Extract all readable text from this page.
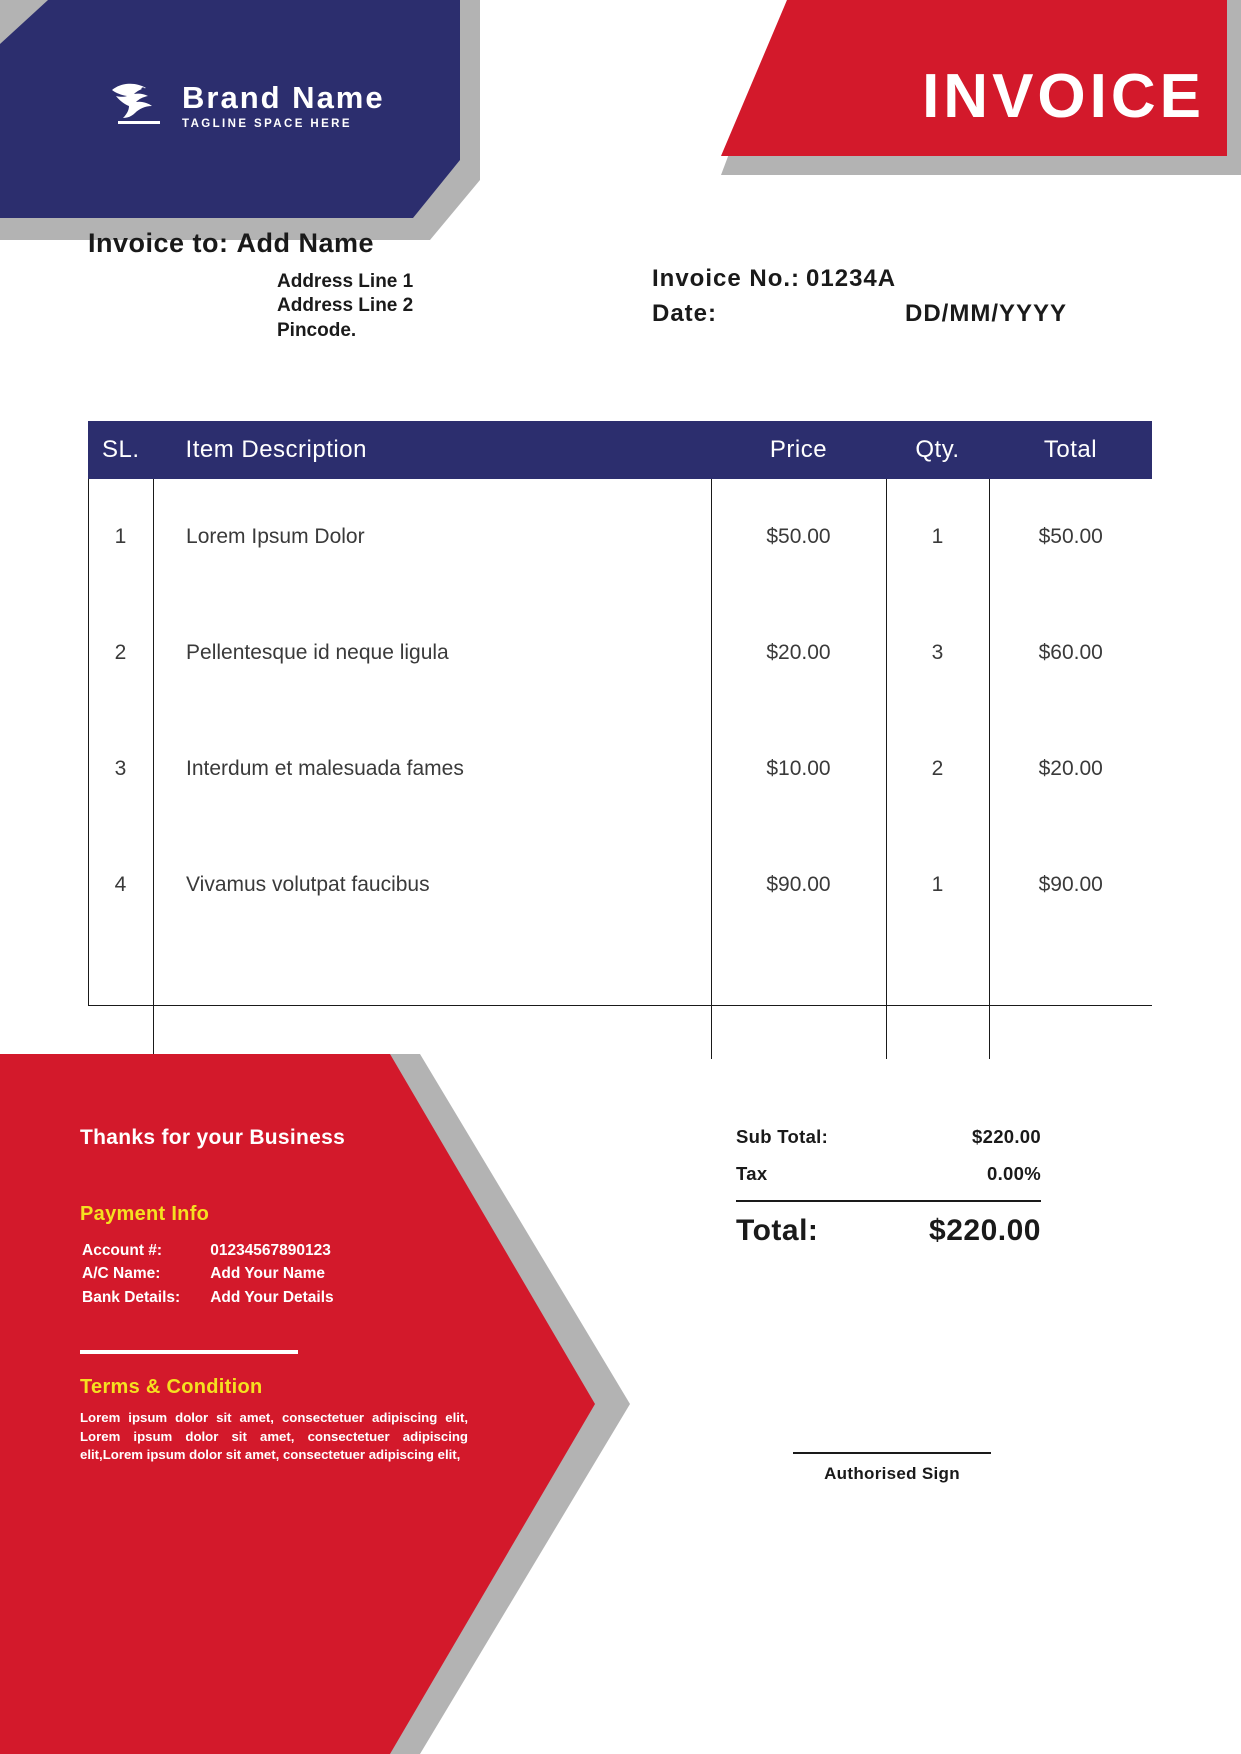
INVOICE
Brand Name
TAGLINE SPACE HERE
Invoice to: Add Name
Address Line 1
Address Line 2
Pincode.
Invoice No.: 01234A
Date:	DD/MM/YYYY
SL.	Item Description	Price	Qty.	Total
1	Lorem Ipsum Dolor	$50.00	1	$50.00
2	Pellentesque id neque ligula	$20.00	3	$60.00
3	Interdum et malesuada fames	$10.00	2	$20.00
4	Vivamus volutpat faucibus	$90.00	1	$90.00

Thanks for your Business
Payment Info
Account #:	01234567890123
A/C Name:	Add Your Name
Bank Details:	Add Your Details
Terms & Condition
Lorem ipsum dolor sit amet, consectetuer adipiscing elit, Lorem ipsum dolor sit amet, consectetuer adipiscing elit,Lorem ipsum dolor sit amet, consectetuer adipiscing elit,
Sub Total:	$220.00
Tax	0.00%
Total:	$220.00
Authorised Sign
